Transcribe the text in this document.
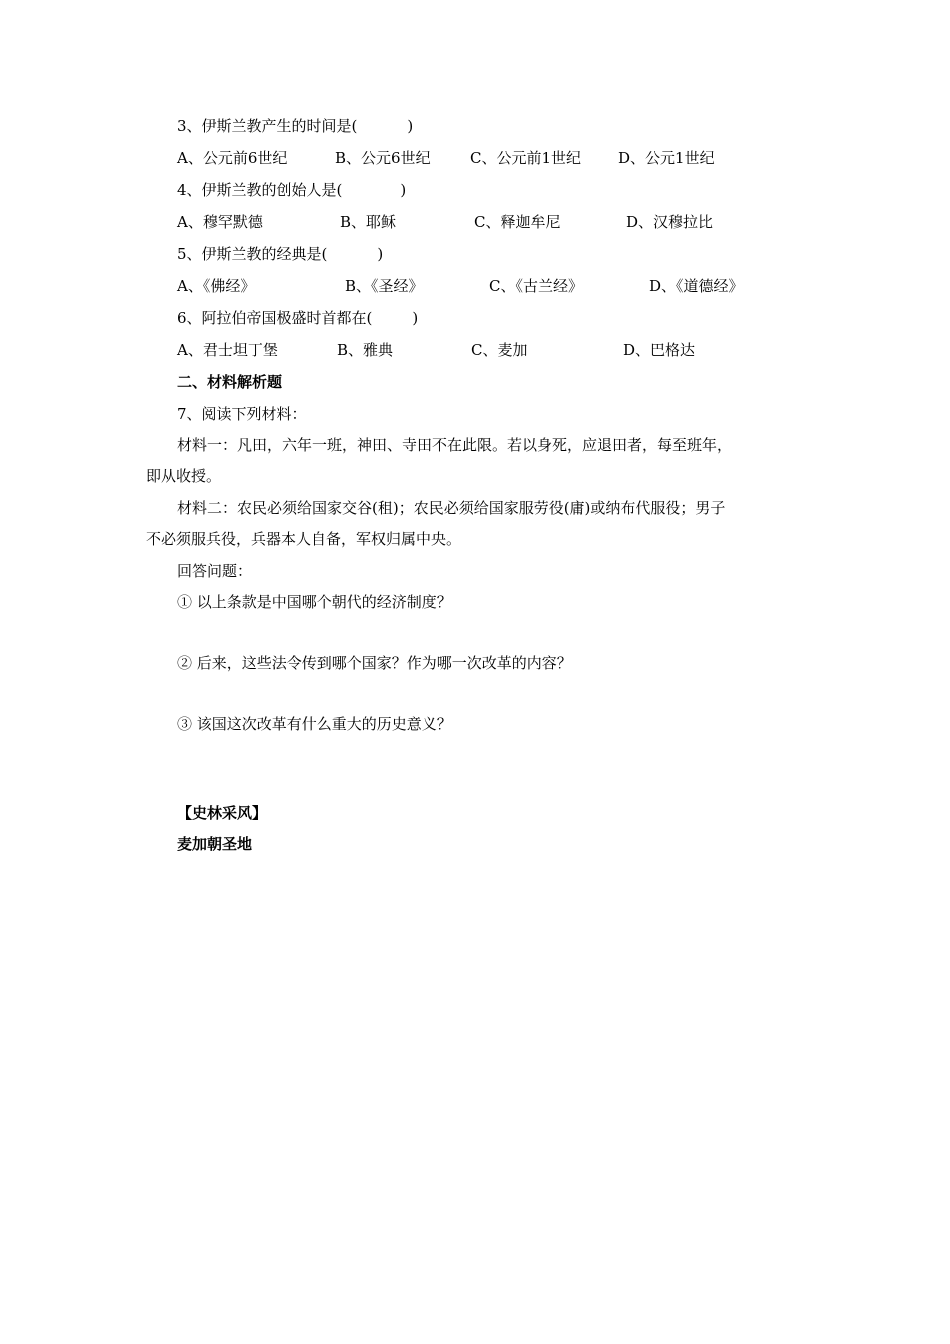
3、伊斯兰教产生的时间是(	)
A、公元前6世纪	B、公元6世纪	C、公元前1世纪 D、公元1世纪
4、伊斯兰教的创始人是(	)
A、穆罕默德	B、耶稣	C、释迦牟尼	D、汉穆拉比
5、伊斯兰教的经典是(	)
A、《佛经》	B、《圣经》	C、《古兰经》	D、《道德经》
6、阿拉伯帝国极盛时首都在(	)
A、君士坦丁堡	B、雅典	C、麦加	D、巴格达
二、材料解析题
7、阅读下列材料：
材料一：凡田，六年一班，神田、寺田不在此限。若以身死，应退田者，每至班年，
即从收授。
材料二：农民必须给国家交谷(租)；农民必须给国家服劳役(庸)或纳布代服役；男子
不必须服兵役，兵器本人自备，军权归属中央。
回答问题：
① 以上条款是中国哪个朝代的经济制度？
② 后来，这些法令传到哪个国家？作为哪一次改革的内容？
③ 该国这次改革有什么重大的历史意义？
【史林采风】
麦加朝圣地
